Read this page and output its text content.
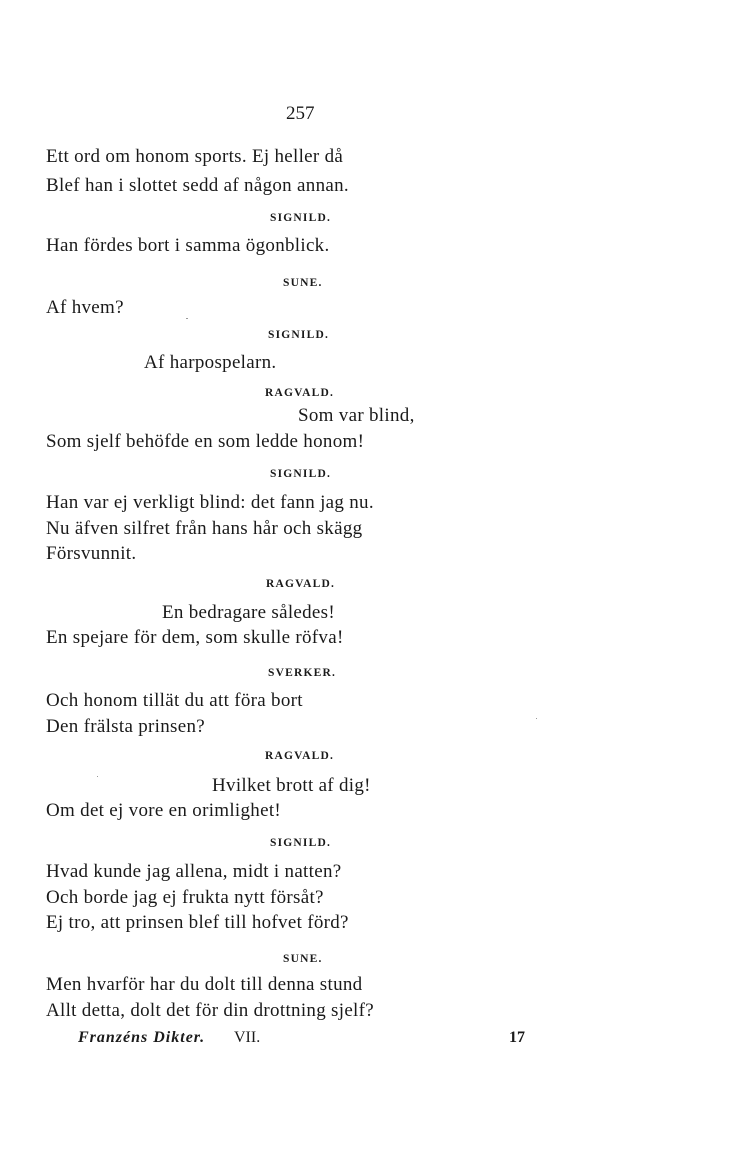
257
Ett ord om honom sports. Ej heller då
Blef han i slottet sedd af någon annan.
SIGNILD.
Han fördes bort i samma ögonblick.
SUNE.
Af hvem?
SIGNILD.
Af harpospelarn.
RAGVALD.
Som var blind,
Som sjelf behöfde en som ledde honom!
SIGNILD.
Han var ej verkligt blind: det fann jag nu.
Nu äfven silfret från hans hår och skägg
Försvunnit.
RAGVALD.
En bedragare således!
En spejare för dem, som skulle röfva!
SVERKER.
Och honom tillät du att föra bort
Den frälsta prinsen?
RAGVALD.
Hvilket brott af dig!
Om det ej vore en orimlighet!
SIGNILD.
Hvad kunde jag allena, midt i natten?
Och borde jag ej frukta nytt försåt?
Ej tro, att prinsen blef till hofvet förd?
SUNE.
Men hvarför har du dolt till denna stund
Allt detta, dolt det för din drottning sjelf?
Franzéns Dikter. VII.	17
